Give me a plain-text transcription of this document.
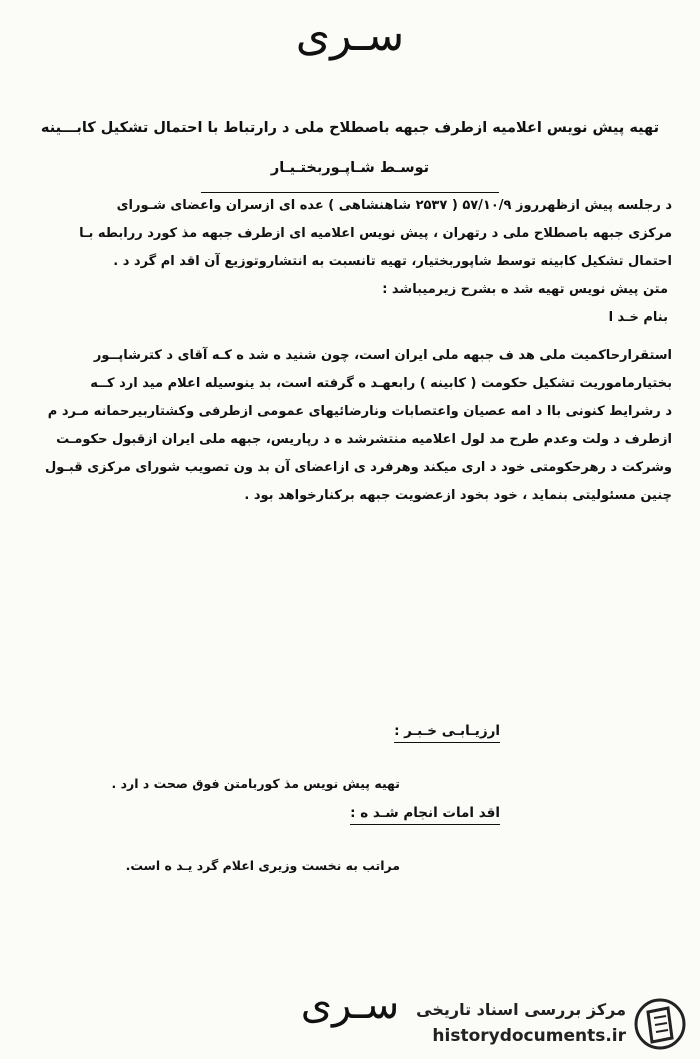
سـری
تهیه پیش نویس اعلامیه ازطرف جبهه باصطلاح ملی د رارتباط با احتمال تشکیل کابـــینه
توسـط شـاپـوربختـیـار
د رجلسه پیش ازظهرروز ۵۷/۱۰/۹ ( ۲۵۳۷ شاهنشاهی ) عده ای ازسران واعضای شـورای
مرکزی جبهه باصطلاح ملی د رتهران ، پیش نویس اعلامیه ای ازطرف جبهه مذ کورد ررابطه بـا
احتمال تشکیل کابینه توسط شاپوربختیار، تهیه تانسبت به انتشاروتوزیع آن اقد ام گرد د .
متن پیش نویس تهیه شد ه بشرح زیرمیباشد :
بنام خـد ا
استقرارحاکمیت ملی هد ف جبهه ملی ایران است، چون شنید ه شد ه کـه آقای د کترشاپــور
بختیارماموریت تشکیل حکومت ( کابینه ) رابعهـد ه گرفته است، بد ینوسیله اعلام مید ارد کــه
د رشرایط کنونی باا د امه عصیان واعتصابات ونارضائیهای عمومی ازطرفی وکشتاربیرحمانه مـرد م
ازطرف د ولت وعدم طرح مد لول اعلامیه منتشرشد ه د رپاریس، جبهه ملی ایران ازقبول حکومـت
وشرکت د رهرحکومتی خود د اری میکند وهرفرد ی ازاعضای آن بد ون تصویب شورای مرکزی قبـول
چنین مسئولیتی بنماید ، خود بخود ازعضویت جبهه برکنارخواهد بود .
ارزیـابـی خـبـر :
تهیه پیش نویس مذ کوربامتن فوق صحت د ارد .
اقد امات انجام شـد ه :
مراتب به نخست وزیری اعلام گرد یـد ه است.
سـری مرکز بررسی اسناد تاریخی
historydocuments.ir
